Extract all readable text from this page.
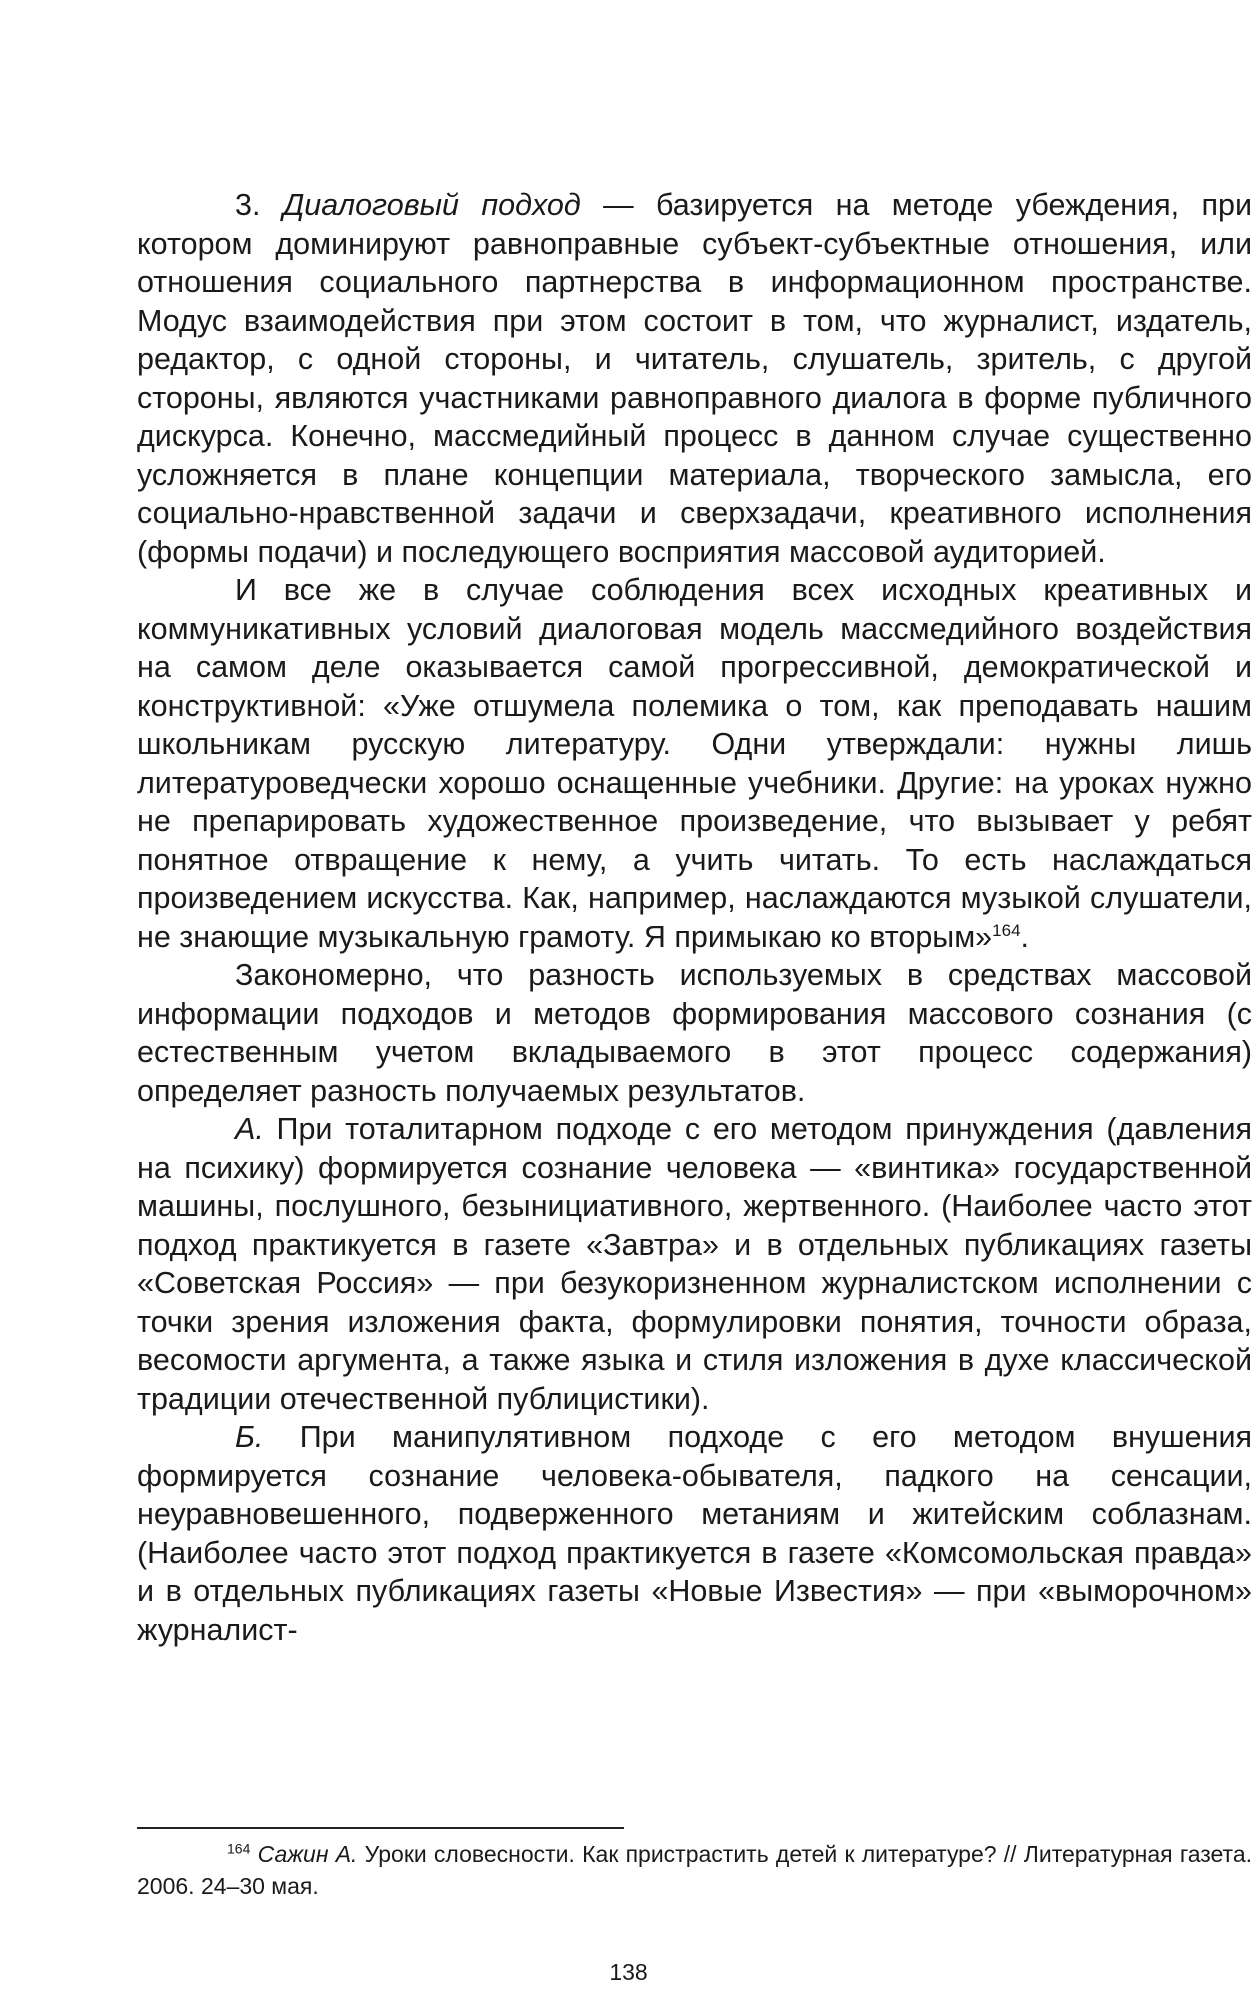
3. Диалоговый подход — базируется на методе убеждения, при котором доминируют равноправные субъект-субъектные отношения, или отношения социального партнерства в информационном пространстве. Модус взаимодействия при этом состоит в том, что журналист, издатель, редактор, с одной стороны, и читатель, слушатель, зритель, с другой стороны, являются участниками равноправного диалога в форме публичного дискурса. Конечно, массмедийный процесс в данном случае существенно усложняется в плане концепции материала, творческого замысла, его социально-нравственной задачи и сверхзадачи, креативного исполнения (формы подачи) и последующего восприятия массовой аудиторией.

И все же в случае соблюдения всех исходных креативных и коммуникативных условий диалоговая модель массмедийного воздействия на самом деле оказывается самой прогрессивной, демократической и конструктивной: «Уже отшумела полемика о том, как преподавать нашим школьникам русскую литературу. Одни утверждали: нужны лишь литературоведчески хорошо оснащенные учебники. Другие: на уроках нужно не препарировать художественное произведение, что вызывает у ребят понятное отвращение к нему, а учить читать. То есть наслаждаться произведением искусства. Как, например, наслаждаются музыкой слушатели, не знающие музыкальную грамоту. Я примыкаю ко вторым»$^{164}$.

Закономерно, что разность используемых в средствах массовой информации подходов и методов формирования массового сознания (с естественным учетом вкладываемого в этот процесс содержания) определяет разность получаемых результатов.

А. При тоталитарном подходе с его методом принуждения (давления на психику) формируется сознание человека — «винтика» государственной машины, послушного, безынициативного, жертвенного. (Наиболее часто этот подход практикуется в газете «Завтра» и в отдельных публикациях газеты «Советская Россия» — при безукоризненном журналистском исполнении с точки зрения изложения факта, формулировки понятия, точности образа, весомости аргумента, а также языка и стиля изложения в духе классической традиции отечественной публицистики).

Б. При манипулятивном подходе с его методом внушения формируется сознание человека-обывателя, падкого на сенсации, неуравновешенного, подверженного метаниям и житейским соблазнам. (Наиболее часто этот подход практикуется в газете «Комсомольская правда» и в отдельных публикациях газеты «Новые Известия» — при «выморочном» журналист-

$^{164}$ Сажин А. Уроки словесности. Как пристрастить детей к литературе? // Литературная газета. 2006. 24–30 мая.

138
